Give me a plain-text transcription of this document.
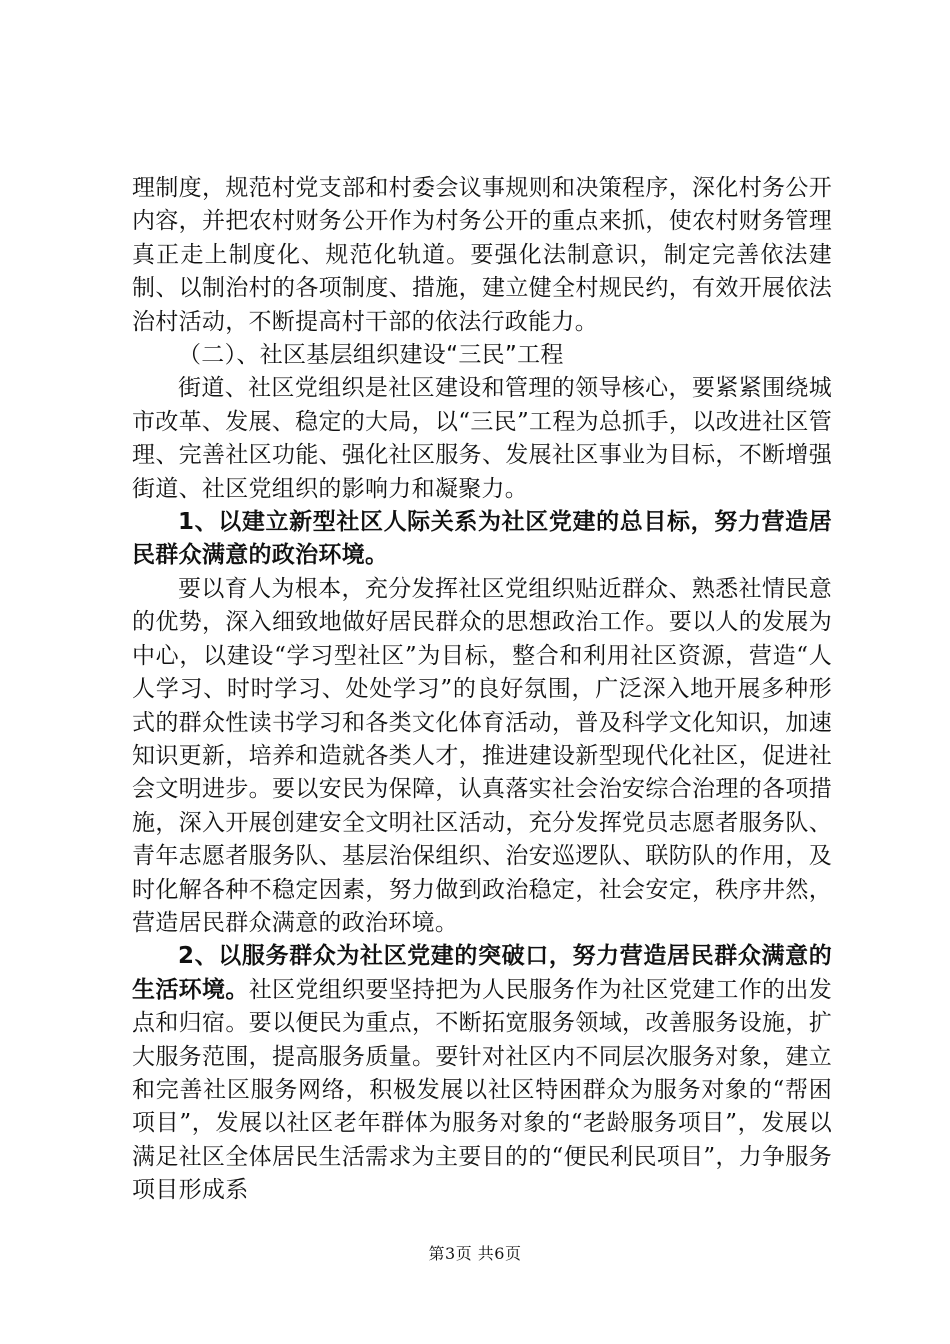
理制度，规范村党支部和村委会议事规则和决策程序，深化村务公开内容，并把农村财务公开作为村务公开的重点来抓，使农村财务管理真正走上制度化、规范化轨道。要强化法制意识，制定完善依法建制、以制治村的各项制度、措施，建立健全村规民约，有效开展依法治村活动，不断提高村干部的依法行政能力。

（二）、社区基层组织建设“三民”工程

街道、社区党组织是社区建设和管理的领导核心，要紧紧围绕城市改革、发展、稳定的大局，以“三民”工程为总抓手，以改进社区管理、完善社区功能、强化社区服务、发展社区事业为目标，不断增强街道、社区党组织的影响力和凝聚力。

1、以建立新型社区人际关系为社区党建的总目标，努力营造居民群众满意的政治环境。

要以育人为根本，充分发挥社区党组织贴近群众、熟悉社情民意的优势，深入细致地做好居民群众的思想政治工作。要以人的发展为中心，以建设“学习型社区”为目标，整合和利用社区资源，营造“人人学习、时时学习、处处学习”的良好氛围，广泛深入地开展多种形式的群众性读书学习和各类文化体育活动，普及科学文化知识，加速知识更新，培养和造就各类人才，推进建设新型现代化社区，促进社会文明进步。要以安民为保障，认真落实社会治安综合治理的各项措施，深入开展创建安全文明社区活动，充分发挥党员志愿者服务队、青年志愿者服务队、基层治保组织、治安巡逻队、联防队的作用，及时化解各种不稳定因素，努力做到政治稳定，社会安定，秩序井然，营造居民群众满意的政治环境。

2、以服务群众为社区党建的突破口，努力营造居民群众满意的生活环境。社区党组织要坚持把为人民服务作为社区党建工作的出发点和归宿。要以便民为重点，不断拓宽服务领域，改善服务设施，扩大服务范围，提高服务质量。要针对社区内不同层次服务对象，建立和完善社区服务网络，积极发展以社区特困群众为服务对象的“帮困项目”，发展以社区老年群体为服务对象的“老龄服务项目”，发展以满足社区全体居民生活需求为主要目的的“便民利民项目”，力争服务项目形成系

第3页 共6页
